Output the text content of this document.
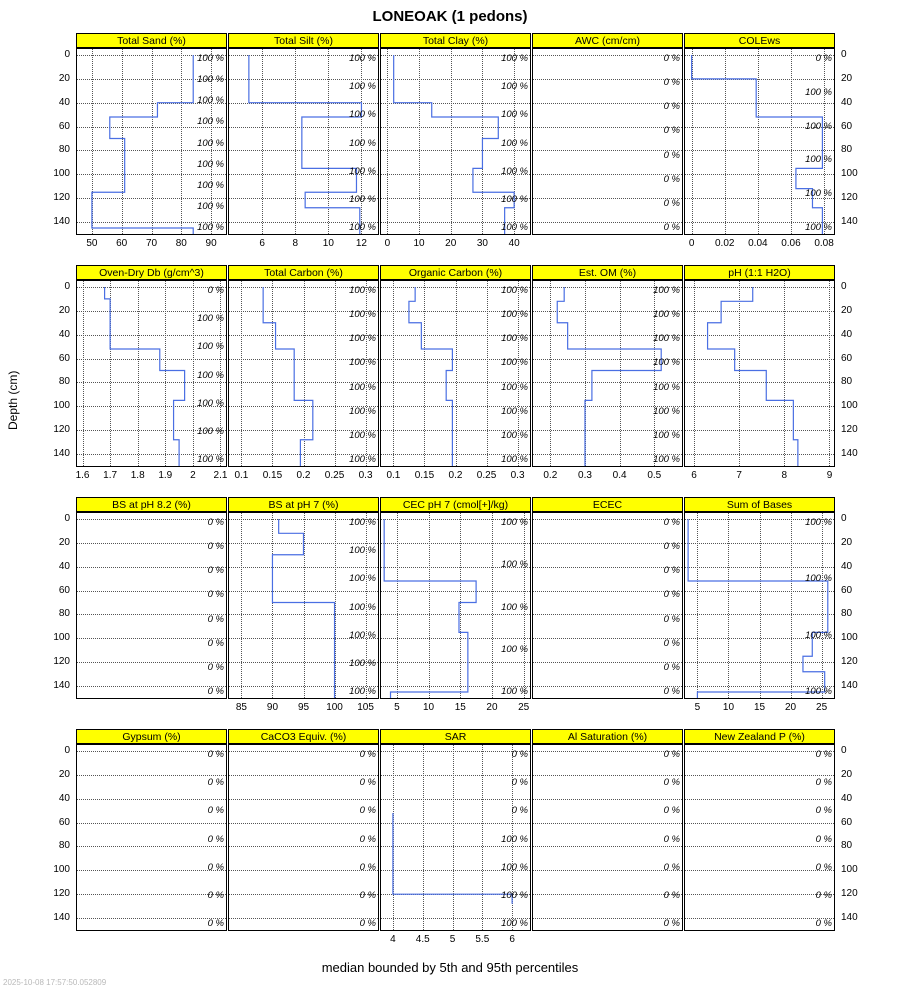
LONEOAK (1 pedons)
Depth (cm)
median bounded by 5th and 95th percentiles
2025-10-08 17:57:50.052809
Total Sand (%)
100 %
100 %
100 %
100 %
100 %
100 %
100 %
100 %
100 %
50	60	70	80	90
Total Silt (%)
100 %
100 %
100 %
100 %
100 %
100 %
100 %
6	8	10	12
Total Clay (%)
100 %
100 %
100 %
100 %
100 %
100 %
100 %
0	10	20	30	40
AWC (cm/cm)
0 %
0 %
0 %
0 %
0 %
0 %
0 %
0 %
COLEws
0 %
100 %
100 %
100 %
100 %
100 %
0	0.02	0.04	0.06	0.08
Oven-Dry Db (g/cm^3)
0 %
100 %
100 %
100 %
100 %
100 %
100 %
1.6	1.7	1.8	1.9	2	2.1
Total Carbon (%)
100 %
100 %
100 %
100 %
100 %
100 %
100 %
100 %
0.1	0.15	0.2	0.25	0.3
Organic Carbon (%)
100 %
100 %
100 %
100 %
100 %
100 %
100 %
100 %
0.1	0.15	0.2	0.25	0.3
Est. OM (%)
100 %
100 %
100 %
100 %
100 %
100 %
100 %
100 %
0.2	0.3	0.4	0.5
pH (1:1 H2O)
6	7	8	9
BS at pH 8.2 (%)
0 %
0 %
0 %
0 %
0 %
0 %
0 %
0 %
BS at pH 7 (%)
100 %
100 %
100 %
100 %
100 %
100 %
100 %
85	90	95	100	105
CEC pH 7 (cmol[+]/kg)
100 %
100 %
100 %
100 %
100 %
5	10	15	20	25
ECEC
0 %
0 %
0 %
0 %
0 %
0 %
0 %
0 %
Sum of Bases
100 %
100 %
100 %
100 %
5	10	15	20	25
Gypsum (%)
0 %
0 %
0 %
0 %
0 %
0 %
0 %
CaCO3 Equiv. (%)
0 %
0 %
0 %
0 %
0 %
0 %
0 %
SAR
0 %
0 %
0 %
100 %
100 %
100 %
100 %
4	4.5	5	5.5	6
Al Saturation (%)
0 %
0 %
0 %
0 %
0 %
0 %
0 %
New Zealand P (%)
0 %
0 %
0 %
0 %
0 %
0 %
0 %
0	0
20	20
40	40
60	60
80	80
100	100
120	120
140	140
0	0
20	20
40	40
60	60
80	80
100	100
120	120
140	140
0	0
20	20
40	40
60	60
80	80
100	100
120	120
140	140
0	0
20	20
40	40
60	60
80	80
100	100
120	120
140	140
